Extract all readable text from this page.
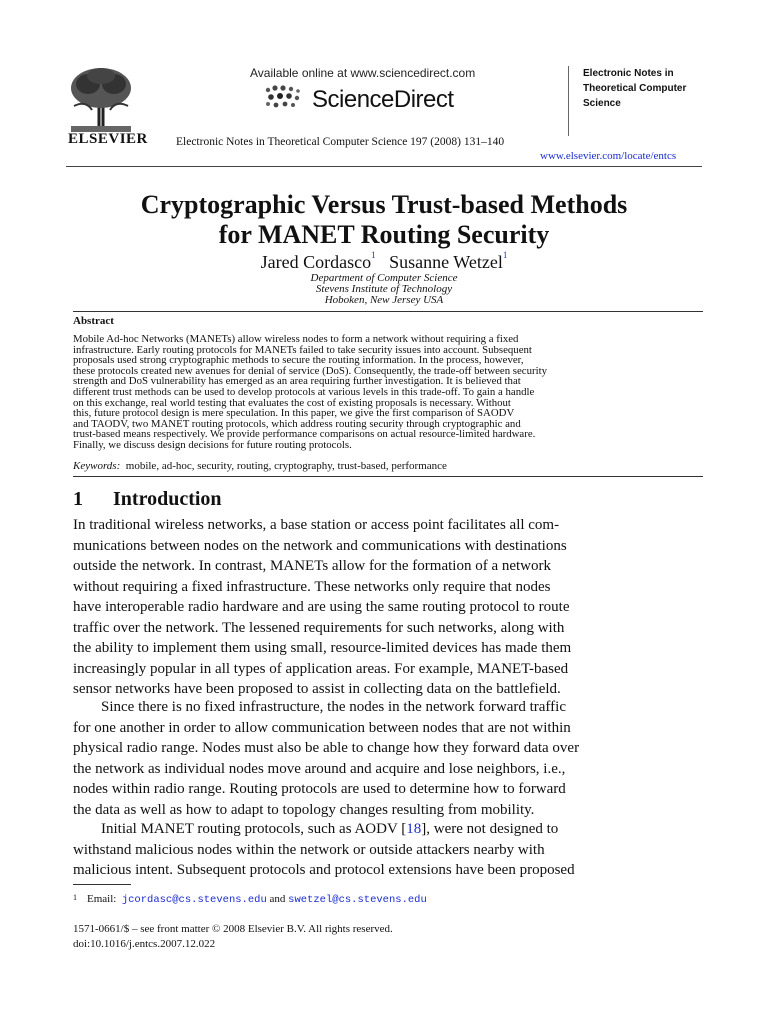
ELSEVIER
Available online at www.sciencedirect.com
ScienceDirect
Electronic Notes in Theoretical Computer Science 197 (2008) 131–140
Electronic Notes in
Theoretical Computer
Science
www.elsevier.com/locate/entcs
Cryptographic Versus Trust-based Methods
for MANET Routing Security
Jared Cordasco$^1$ Susanne Wetzel$^1$
Department of Computer Science
Stevens Institute of Technology
Hoboken, New Jersey USA
Abstract
Mobile Ad-hoc Networks (MANETs) allow wireless nodes to form a network without requiring a fixed
infrastructure. Early routing protocols for MANETs failed to take security issues into account. Subsequent
proposals used strong cryptographic methods to secure the routing information. In the process, however,
these protocols created new avenues for denial of service (DoS). Consequently, the trade-off between security
strength and DoS vulnerability has emerged as an area requiring further investigation. It is believed that
different trust methods can be used to develop protocols at various levels in this trade-off. To gain a handle
on this exchange, real world testing that evaluates the cost of existing proposals is necessary. Without
this, future protocol design is mere speculation. In this paper, we give the first comparison of SAODV
and TAODV, two MANET routing protocols, which address routing security through cryptographic and
trust-based means respectively. We provide performance comparisons on actual resource-limited hardware.
Finally, we discuss design decisions for future routing protocols.
Keywords: mobile, ad-hoc, security, routing, cryptography, trust-based, performance
1 Introduction
In traditional wireless networks, a base station or access point facilitates all com-
munications between nodes on the network and communications with destinations
outside the network. In contrast, MANETs allow for the formation of a network
without requiring a fixed infrastructure. These networks only require that nodes
have interoperable radio hardware and are using the same routing protocol to route
traffic over the network. The lessened requirements for such networks, along with
the ability to implement them using small, resource-limited devices has made them
increasingly popular in all types of application areas. For example, MANET-based
sensor networks have been proposed to assist in collecting data on the battlefield.
Since there is no fixed infrastructure, the nodes in the network forward traffic
for one another in order to allow communication between nodes that are not within
physical radio range. Nodes must also be able to change how they forward data over
the network as individual nodes move around and acquire and lose neighbors, i.e.,
nodes within radio range. Routing protocols are used to determine how to forward
the data as well as how to adapt to topology changes resulting from mobility.
Initial MANET routing protocols, such as AODV [18], were not designed to
withstand malicious nodes within the network or outside attackers nearby with
malicious intent. Subsequent protocols and protocol extensions have been proposed
$^1$ Email: jcordasc@cs.stevens.edu and swetzel@cs.stevens.edu
1571-0661/$ – see front matter © 2008 Elsevier B.V. All rights reserved.
doi:10.1016/j.entcs.2007.12.022
